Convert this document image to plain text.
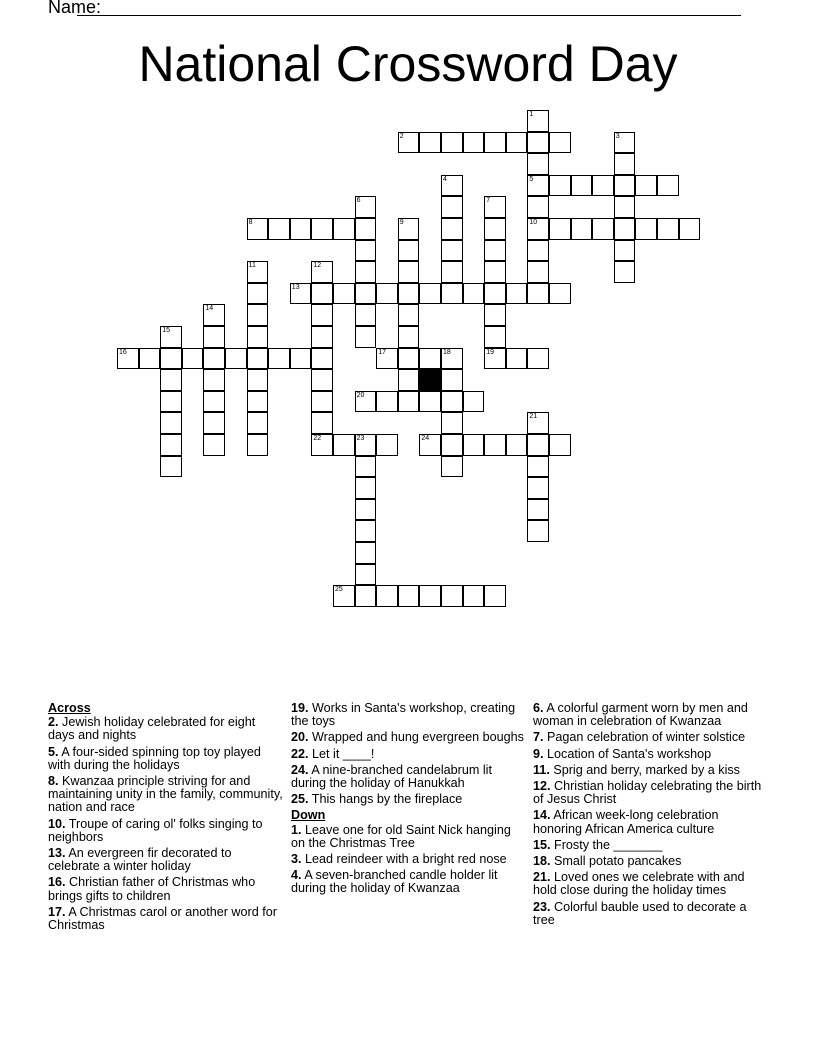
Name:
National Crossword Day
1
5
10
2	3
4
6	7
19
8	9
11	12
22
13
14
15
16	17	18
20
21
23	24
25
Across
2. Jewish holiday celebrated for eight days and nights
5. A four-sided spinning top toy played with during the holidays
8. Kwanzaa principle striving for and maintaining unity in the family, community, nation and race
10. Troupe of caring ol' folks singing to neighbors
13. An evergreen fir decorated to celebrate a winter holiday
16. Christian father of Christmas who brings gifts to children
17. A Christmas carol or another word for Christmas
19. Works in Santa's workshop, creating the toys
20. Wrapped and hung evergreen boughs
22. Let it ____!
24. A nine-branched candelabrum lit during the holiday of Hanukkah
25. This hangs by the fireplace
Down
1. Leave one for old Saint Nick hanging on the Christmas Tree
3. Lead reindeer with a bright red nose
4. A seven-branched candle holder lit during the holiday of Kwanzaa
6. A colorful garment worn by men and woman in celebration of Kwanzaa
7. Pagan celebration of winter solstice
9. Location of Santa's workshop
11. Sprig and berry, marked by a kiss
12. Christian holiday celebrating the birth of Jesus Christ
14. African week-long celebration honoring African America culture
15. Frosty the _______
18. Small potato pancakes
21. Loved ones we celebrate with and hold close during the holiday times
23. Colorful bauble used to decorate a tree
